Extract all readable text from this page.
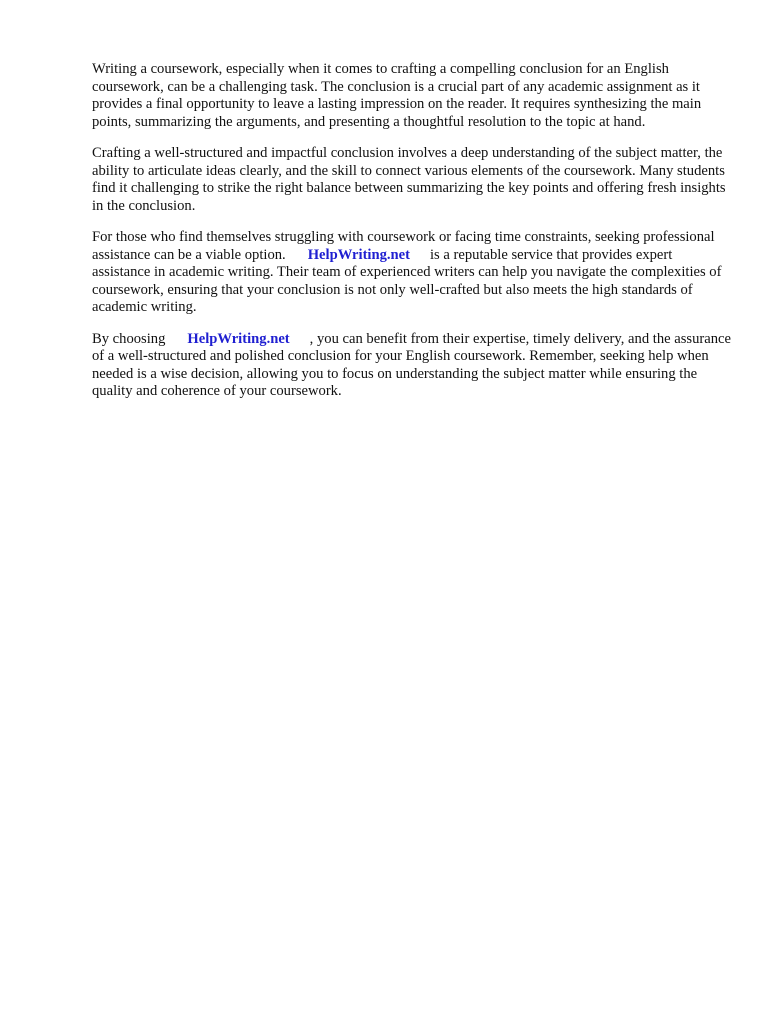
Writing a coursework, especially when it comes to crafting a compelling conclusion for an English coursework, can be a challenging task. The conclusion is a crucial part of any academic assignment as it provides a final opportunity to leave a lasting impression on the reader. It requires synthesizing the main points, summarizing the arguments, and presenting a thoughtful resolution to the topic at hand.

Crafting a well-structured and impactful conclusion involves a deep understanding of the subject matter, the ability to articulate ideas clearly, and the skill to connect various elements of the coursework. Many students find it challenging to strike the right balance between summarizing the key points and offering fresh insights in the conclusion.

For those who find themselves struggling with coursework or facing time constraints, seeking professional assistance can be a viable option. HelpWriting.net is a reputable service that provides expert assistance in academic writing. Their team of experienced writers can help you navigate the complexities of coursework, ensuring that your conclusion is not only well-crafted but also meets the high standards of academic writing.

By choosing HelpWriting.net , you can benefit from their expertise, timely delivery, and the assurance of a well-structured and polished conclusion for your English coursework. Remember, seeking help when needed is a wise decision, allowing you to focus on understanding the subject matter while ensuring the quality and coherence of your coursework.
